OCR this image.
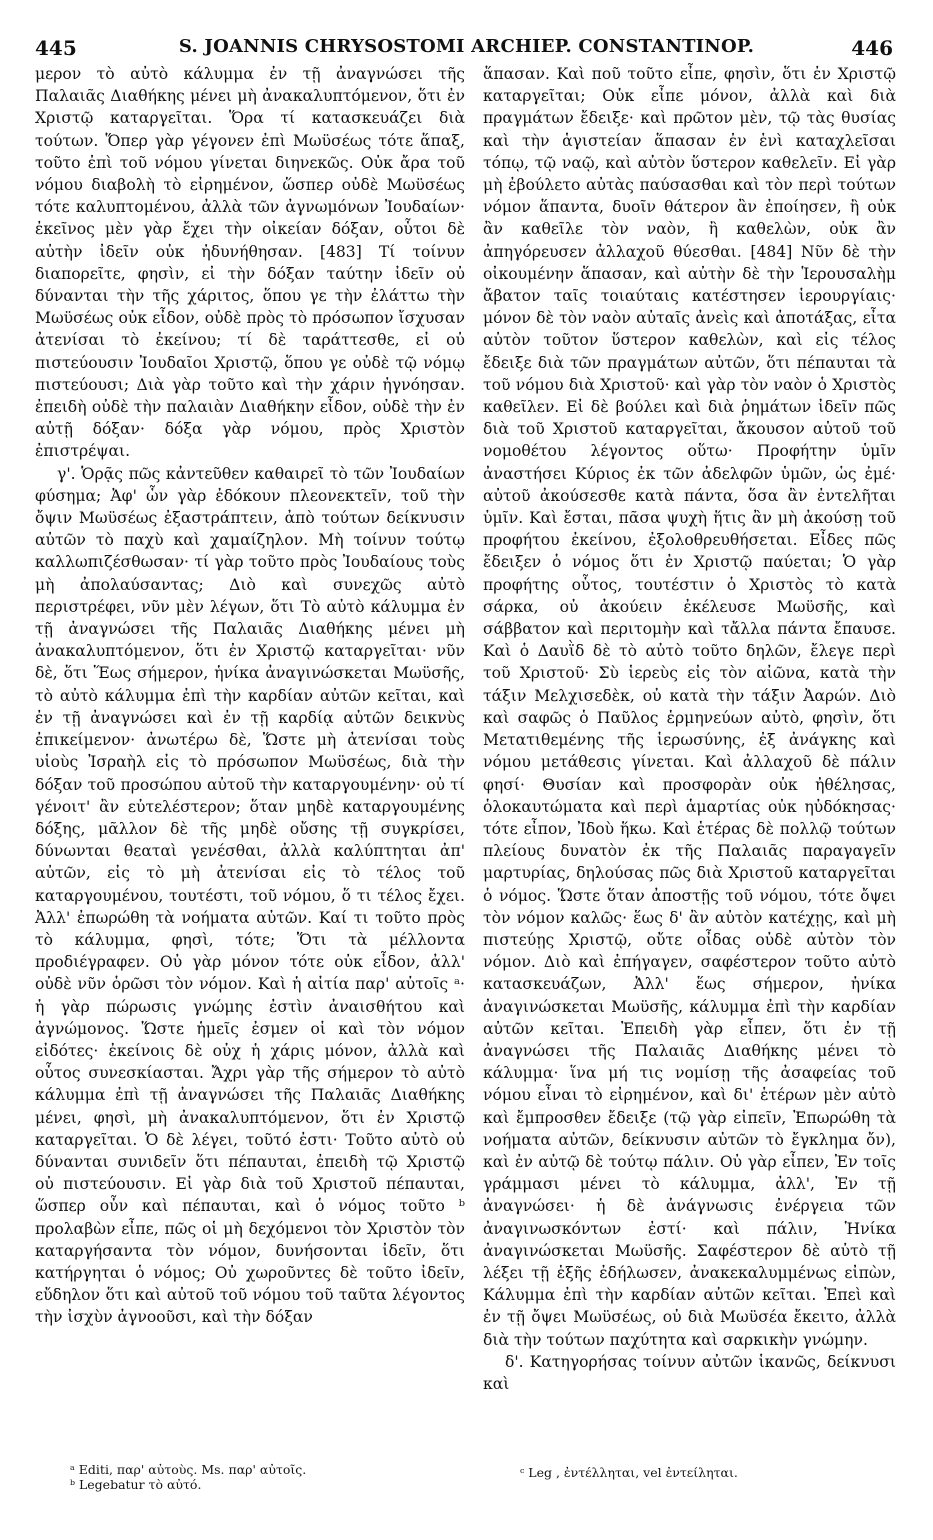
445	S. JOANNIS CHRYSOSTOMI ARCHIEP. CONSTANTINOP.	446

μερον τὸ αὐτὸ κάλυμμα ἐν τῇ ἀναγνώσει τῆς Παλαιᾶς Διαθήκης μένει μὴ ἀνακαλυπτόμενον, ὅτι ἐν Χριστῷ καταργεῖται. Ὅρα τί κατασκευάζει διὰ τούτων. Ὅπερ γὰρ γέγονεν ἐπὶ Μωϋσέως τότε ἅπαξ, τοῦτο ἐπὶ τοῦ νόμου γίνεται διηνεκῶς. Οὐκ ἄρα τοῦ νόμου διαβολὴ τὸ εἰρημένον, ὥσπερ οὐδὲ Μωϋσέως τότε καλυπτομένου, ἀλλὰ τῶν ἀγνωμόνων Ἰουδαίων· ἐκεῖνος μὲν γὰρ ἔχει τὴν οἰκείαν δόξαν, οὗτοι δὲ αὐτὴν ἰδεῖν οὐκ ἠδυνήθησαν. [483] Τί τοίνυν διαπορεῖτε, φησὶν, εἰ τὴν δόξαν ταύτην ἰδεῖν οὐ δύνανται τὴν τῆς χάριτος, ὅπου γε τὴν ἐλάττω τὴν Μωϋσέως οὐκ εἶδον, οὐδὲ πρὸς τὸ πρόσωπον ἴσχυσαν ἀτενίσαι τὸ ἐκείνου; τί δὲ ταράττεσθε, εἰ οὐ πιστεύουσιν Ἰουδαῖοι Χριστῷ, ὅπου γε οὐδὲ τῷ νόμῳ πιστεύουσι; Διὰ γὰρ τοῦτο καὶ τὴν χάριν ἠγνόησαν. ἐπειδὴ οὐδὲ τὴν παλαιὰν Διαθήκην εἶδον, οὐδὲ τὴν ἐν αὐτῇ δόξαν· δόξα γὰρ νόμου, πρὸς Χριστὸν ἐπιστρέψαι.

γ'. Ὁρᾷς πῶς κἀντεῦθεν καθαιρεῖ τὸ τῶν Ἰουδαίων φύσημα; Ἀφ' ὧν γὰρ ἐδόκουν πλεονεκτεῖν, τοῦ τὴν ὄψιν Μωϋσέως ἐξαστράπτειν, ἀπὸ τούτων δείκνυσιν αὐτῶν τὸ παχὺ καὶ χαμαίζηλον. Μὴ τοίνυν τούτῳ καλλωπιζέσθωσαν· τί γὰρ τοῦτο πρὸς Ἰουδαίους τοὺς μὴ ἀπολαύσαντας; Διὸ καὶ συνεχῶς αὐτὸ περιστρέφει, νῦν μὲν λέγων, ὅτι Τὸ αὐτὸ κάλυμμα ἐν τῇ ἀναγνώσει τῆς Παλαιᾶς Διαθήκης μένει μὴ ἀνακαλυπτόμενον, ὅτι ἐν Χριστῷ καταργεῖται· νῦν δὲ, ὅτι Ἕως σήμερον, ἡνίκα ἀναγινώσκεται Μωϋσῆς, τὸ αὐτὸ κάλυμμα ἐπὶ τὴν καρδίαν αὐτῶν κεῖται, καὶ ἐν τῇ ἀναγνώσει καὶ ἐν τῇ καρδίᾳ αὐτῶν δεικνὺς ἐπικείμενον· ἀνωτέρω δὲ, Ὥστε μὴ ἀτενίσαι τοὺς υἱοὺς Ἰσραὴλ εἰς τὸ πρόσωπον Μωϋσέως, διὰ τὴν δόξαν τοῦ προσώπου αὐτοῦ τὴν καταργουμένην· οὐ τί γένοιτ' ἂν εὐτελέστερον; ὅταν μηδὲ καταργουμένης δόξης, μᾶλλον δὲ τῆς μηδὲ οὔσης τῇ συγκρίσει, δύνωνται θεαταὶ γενέσθαι, ἀλλὰ καλύπτηται ἀπ' αὐτῶν, εἰς τὸ μὴ ἀτενίσαι εἰς τὸ τέλος τοῦ καταργουμένου, τουτέστι, τοῦ νόμου, ὅ τι τέλος ἔχει. Ἀλλ' ἐπωρώθη τὰ νοήματα αὐτῶν. Καί τι τοῦτο πρὸς τὸ κάλυμμα, φησὶ, τότε; Ὅτι τὰ μέλλοντα προδιέγραφεν. Οὐ γὰρ μόνον τότε οὐκ εἶδον, ἀλλ' οὐδὲ νῦν ὁρῶσι τὸν νόμον. Καὶ ἡ αἰτία παρ' αὐτοῖς ᵃ· ἡ γὰρ πώρωσις γνώμης ἐστὶν ἀναισθήτου καὶ ἀγνώμονος. Ὥστε ἡμεῖς ἐσμεν οἱ καὶ τὸν νόμον εἰδότες· ἐκείνοις δὲ οὐχ ἡ χάρις μόνον, ἀλλὰ καὶ οὗτος συνεσκίασται. Ἄχρι γὰρ τῆς σήμερον τὸ αὐτὸ κάλυμμα ἐπὶ τῇ ἀναγνώσει τῆς Παλαιᾶς Διαθήκης μένει, φησὶ, μὴ ἀνακαλυπτόμενον, ὅτι ἐν Χριστῷ καταργεῖται. Ὁ δὲ λέγει, τοῦτό ἐστι· Τοῦτο αὐτὸ οὐ δύνανται συνιδεῖν ὅτι πέπαυται, ἐπειδὴ τῷ Χριστῷ οὐ πιστεύουσιν. Εἰ γὰρ διὰ τοῦ Χριστοῦ πέπαυται, ὥσπερ οὖν καὶ πέπαυται, καὶ ὁ νόμος τοῦτο ᵇ προλαβὼν εἶπε, πῶς οἱ μὴ δεχόμενοι τὸν Χριστὸν τὸν καταργήσαντα τὸν νόμον, δυνήσονται ἰδεῖν, ὅτι κατήργηται ὁ νόμος; Οὐ χωροῦντες δὲ τοῦτο ἰδεῖν, εὔδηλον ὅτι καὶ αὐτοῦ τοῦ νόμου τοῦ ταῦτα λέγοντος τὴν ἰσχὺν ἀγνοοῦσι, καὶ τὴν δόξαν

ἅπασαν. Καὶ ποῦ τοῦτο εἶπε, φησὶν, ὅτι ἐν Χριστῷ καταργεῖται; Οὐκ εἶπε μόνον, ἀλλὰ καὶ διὰ πραγμάτων ἔδειξε· καὶ πρῶτον μὲν, τῷ τὰς θυσίας καὶ τὴν ἁγιστείαν ἅπασαν ἐν ἑνὶ καταχλεῖσαι τόπῳ, τῷ ναῷ, καὶ αὐτὸν ὕστερον καθελεῖν. Εἰ γὰρ μὴ ἐβούλετο αὐτὰς παύσασθαι καὶ τὸν περὶ τούτων νόμον ἅπαντα, δυοῖν θάτερον ἂν ἐποίησεν, ἢ οὐκ ἂν καθεῖλε τὸν ναὸν, ἢ καθελὼν, οὐκ ἂν ἀπηγόρευσεν ἀλλαχοῦ θύεσθαι. [484] Νῦν δὲ τὴν οἰκουμένην ἅπασαν, καὶ αὐτὴν δὲ τὴν Ἱερουσαλὴμ ἄβατον ταῖς τοιαύταις κατέστησεν ἱερουργίαις· μόνον δὲ τὸν ναὸν αὐταῖς ἀνεὶς καὶ ἀποτάξας, εἶτα αὐτὸν τοῦτον ὕστερον καθελὼν, καὶ εἰς τέλος ἔδειξε διὰ τῶν πραγμάτων αὐτῶν, ὅτι πέπαυται τὰ τοῦ νόμου διὰ Χριστοῦ· καὶ γὰρ τὸν ναὸν ὁ Χριστὸς καθεῖλεν. Εἰ δὲ βούλει καὶ διὰ ῥημάτων ἰδεῖν πῶς διὰ τοῦ Χριστοῦ καταργεῖται, ἄκουσον αὐτοῦ τοῦ νομοθέτου λέγοντος οὕτω· Προφήτην ὑμῖν ἀναστήσει Κύριος ἐκ τῶν ἀδελφῶν ὑμῶν, ὡς ἐμέ· αὐτοῦ ἀκούσεσθε κατὰ πάντα, ὅσα ἂν ἐντελῆται ὑμῖν. Καὶ ἔσται, πᾶσα ψυχὴ ἥτις ἂν μὴ ἀκούσῃ τοῦ προφήτου ἐκείνου, ἐξολοθρευθήσεται. Εἶδες πῶς ἔδειξεν ὁ νόμος ὅτι ἐν Χριστῷ παύεται; Ὁ γὰρ προφήτης οὗτος, τουτέστιν ὁ Χριστὸς τὸ κατὰ σάρκα, οὐ ἀκούειν ἐκέλευσε Μωϋσῆς, καὶ σάββατον καὶ περιτομὴν καὶ τἄλλα πάντα ἔπαυσε. Καὶ ὁ Δαυῒδ δὲ τὸ αὐτὸ τοῦτο δηλῶν, ἔλεγε περὶ τοῦ Χριστοῦ· Σὺ ἱερεὺς εἰς τὸν αἰῶνα, κατὰ τὴν τάξιν Μελχισεδὲκ, οὐ κατὰ τὴν τάξιν Ἀαρών. Διὸ καὶ σαφῶς ὁ Παῦλος ἑρμηνεύων αὐτὸ, φησὶν, ὅτι Μετατιθεμένης τῆς ἱερωσύνης, ἐξ ἀνάγκης καὶ νόμου μετάθεσις γίνεται. Καὶ ἀλλαχοῦ δὲ πάλιν φησί· Θυσίαν καὶ προσφορὰν οὐκ ἠθέλησας, ὁλοκαυτώματα καὶ περὶ ἁμαρτίας οὐκ ηὐδόκησας· τότε εἶπον, Ἰδοὺ ἥκω. Καὶ ἑτέρας δὲ πολλῷ τούτων πλείους δυνατὸν ἐκ τῆς Παλαιᾶς παραγαγεῖν μαρτυρίας, δηλούσας πῶς διὰ Χριστοῦ καταργεῖται ὁ νόμος. Ὥστε ὅταν ἀποστῇς τοῦ νόμου, τότε ὄψει τὸν νόμον καλῶς· ἕως δ' ἂν αὐτὸν κατέχῃς, καὶ μὴ πιστεύῃς Χριστῷ, οὔτε οἶδας οὐδὲ αὐτὸν τὸν νόμον. Διὸ καὶ ἐπήγαγεν, σαφέστερον τοῦτο αὐτὸ κατασκευάζων, Ἀλλ' ἕως σήμερον, ἡνίκα ἀναγινώσκεται Μωϋσῆς, κάλυμμα ἐπὶ τὴν καρδίαν αὐτῶν κεῖται. Ἐπειδὴ γὰρ εἶπεν, ὅτι ἐν τῇ ἀναγνώσει τῆς Παλαιᾶς Διαθήκης μένει τὸ κάλυμμα· ἵνα μή τις νομίσῃ τῆς ἀσαφείας τοῦ νόμου εἶναι τὸ εἰρημένον, καὶ δι' ἑτέρων μὲν αὐτὸ καὶ ἔμπροσθεν ἔδειξε (τῷ γὰρ εἰπεῖν, Ἐπωρώθη τὰ νοήματα αὐτῶν, δείκνυσιν αὐτῶν τὸ ἔγκλημα ὄν), καὶ ἐν αὐτῷ δὲ τούτῳ πάλιν. Οὐ γὰρ εἶπεν, Ἐν τοῖς γράμμασι μένει τὸ κάλυμμα, ἀλλ', Ἐν τῇ ἀναγνώσει· ἡ δὲ ἀνάγνωσις ἐνέργεια τῶν ἀναγινωσκόντων ἐστί· καὶ πάλιν, Ἡνίκα ἀναγινώσκεται Μωϋσῆς. Σαφέστερον δὲ αὐτὸ τῇ λέξει τῇ ἑξῆς ἐδήλωσεν, ἀνακεκαλυμμένως εἰπὼν, Κάλυμμα ἐπὶ τὴν καρδίαν αὐτῶν κεῖται. Ἐπεὶ καὶ ἐν τῇ ὄψει Μωϋσέως, οὐ διὰ Μωϋσέα ἔκειτο, ἀλλὰ διὰ τὴν τούτων παχύτητα καὶ σαρκικὴν γνώμην.

δ'. Κατηγορήσας τοίνυν αὐτῶν ἱκανῶς, δείκνυσι καὶ

ᵃ Editi, παρ' αὐτοὺς. Ms. παρ' αὐτοῖς.

ᵇ Legebatur τὸ αὐτό.

ᶜ Leg , ἐντέλληται, vel ἐντείληται.
